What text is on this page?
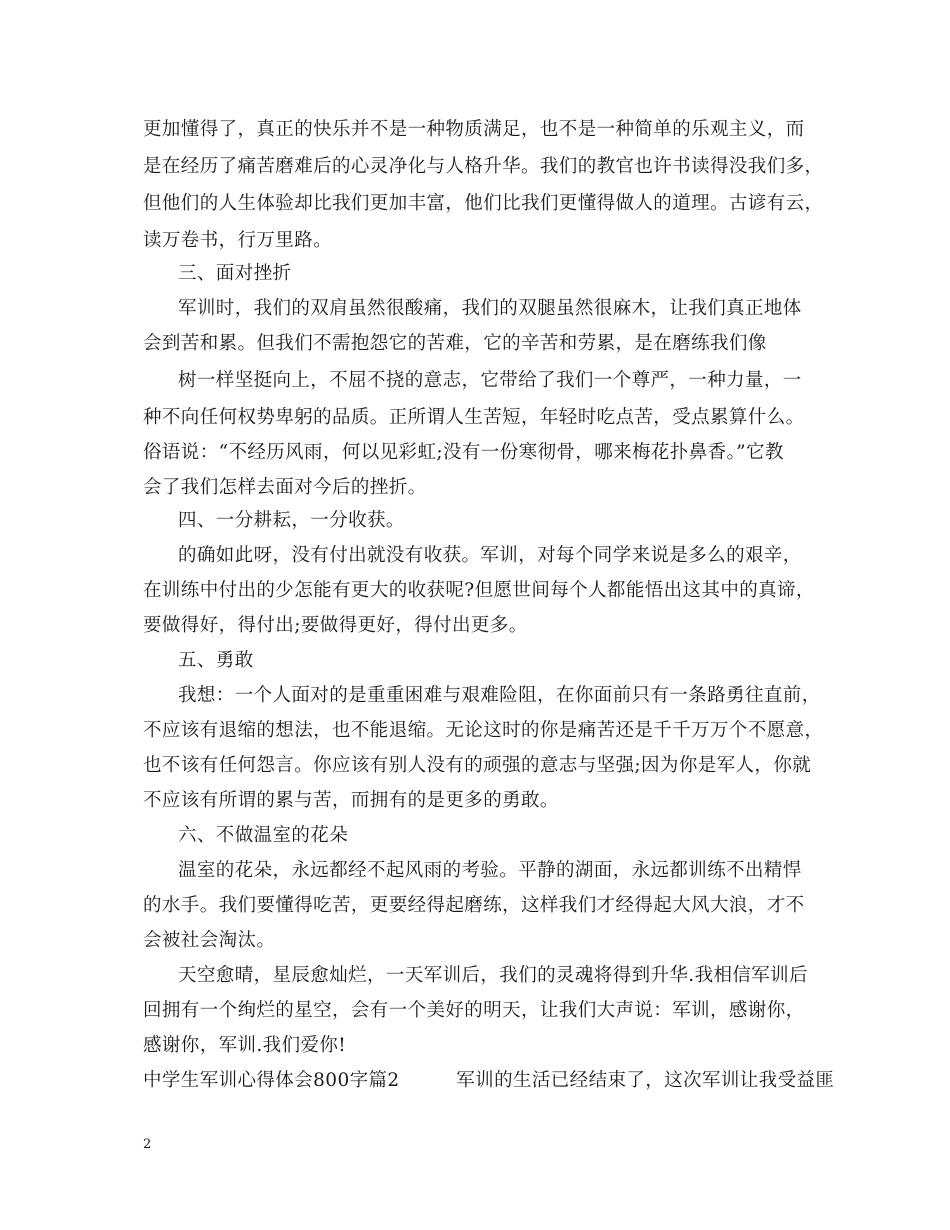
更加懂得了，真正的快乐并不是一种物质满足，也不是一种简单的乐观主义，而
是在经历了痛苦磨难后的心灵净化与人格升华。我们的教官也许书读得没我们多，
但他们的人生体验却比我们更加丰富，他们比我们更懂得做人的道理。古谚有云，
读万卷书，行万里路。
三、面对挫折
军训时，我们的双肩虽然很酸痛，我们的双腿虽然很麻木，让我们真正地体
会到苦和累。但我们不需抱怨它的苦难，它的辛苦和劳累，是在磨练我们像
树一样坚挺向上，不屈不挠的意志，它带给了我们一个尊严，一种力量，一
种不向任何权势卑躬的品质。正所谓人生苦短，年轻时吃点苦，受点累算什么。
俗语说：“不经历风雨，何以见彩虹;没有一份寒彻骨，哪来梅花扑鼻香。”它教
会了我们怎样去面对今后的挫折。
四、一分耕耘，一分收获。
的确如此呀，没有付出就没有收获。军训，对每个同学来说是多么的艰辛，
在训练中付出的少怎能有更大的收获呢?但愿世间每个人都能悟出这其中的真谛，
要做得好，得付出;要做得更好，得付出更多。
五、勇敢
我想：一个人面对的是重重困难与艰难险阻，在你面前只有一条路勇往直前，
不应该有退缩的想法，也不能退缩。无论这时的你是痛苦还是千千万万个不愿意，
也不该有任何怨言。你应该有别人没有的顽强的意志与坚强;因为你是军人，你就
不应该有所谓的累与苦，而拥有的是更多的勇敢。
六、不做温室的花朵
温室的花朵，永远都经不起风雨的考验。平静的湖面，永远都训练不出精悍
的水手。我们要懂得吃苦，更要经得起磨练，这样我们才经得起大风大浪，才不
会被社会淘汰。
天空愈晴，星辰愈灿烂，一天军训后，我们的灵魂将得到升华.我相信军训后
回拥有一个绚烂的星空，会有一个美好的明天，让我们大声说：军训，感谢你，
感谢你，军训.我们爱你!
中学生军训心得体会800字篇2　　　军训的生活已经结束了，这次军训让我受益匪
2
